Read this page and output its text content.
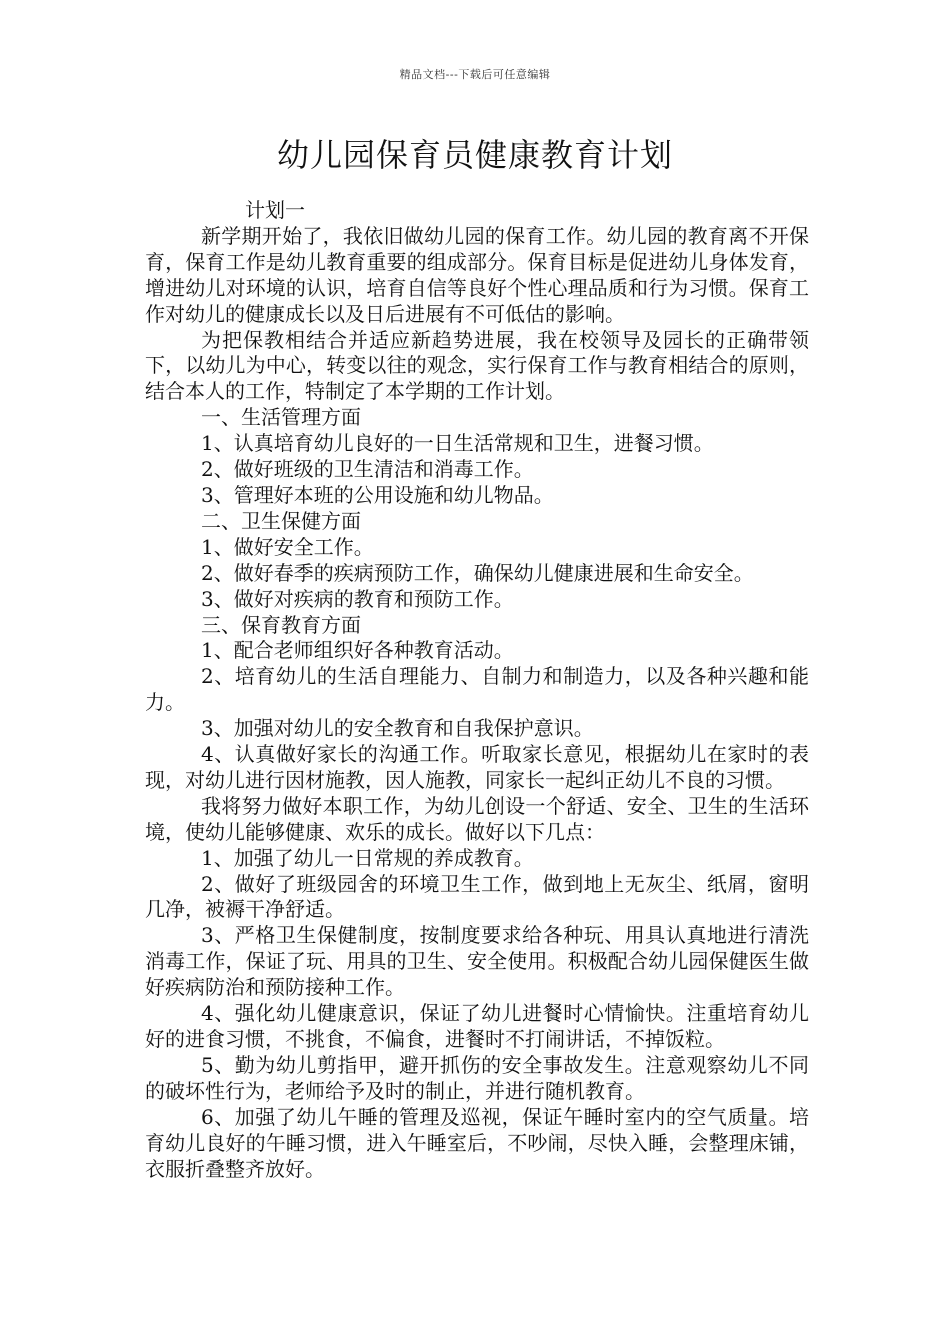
精品文档---下载后可任意编辑
幼儿园保育员健康教育计划

计划一

新学期开始了，我依旧做幼儿园的保育工作。幼儿园的教育离不开保育，保育工作是幼儿教育重要的组成部分。保育目标是促进幼儿身体发育，增进幼儿对环境的认识，培育自信等良好个性心理品质和行为习惯。保育工作对幼儿的健康成长以及日后进展有不可低估的影响。

为把保教相结合并适应新趋势进展，我在校领导及园长的正确带领下，以幼儿为中心，转变以往的观念，实行保育工作与教育相结合的原则，结合本人的工作，特制定了本学期的工作计划。

一、生活管理方面

1、认真培育幼儿良好的一日生活常规和卫生，进餐习惯。

2、做好班级的卫生清洁和消毒工作。

3、管理好本班的公用设施和幼儿物品。

二、卫生保健方面

1、做好安全工作。

2、做好春季的疾病预防工作，确保幼儿健康进展和生命安全。

3、做好对疾病的教育和预防工作。

三、保育教育方面

1、配合老师组织好各种教育活动。

2、培育幼儿的生活自理能力、自制力和制造力，以及各种兴趣和能力。

3、加强对幼儿的安全教育和自我保护意识。

4、认真做好家长的沟通工作。听取家长意见，根据幼儿在家时的表现，对幼儿进行因材施教，因人施教，同家长一起纠正幼儿不良的习惯。

我将努力做好本职工作，为幼儿创设一个舒适、安全、卫生的生活环境，使幼儿能够健康、欢乐的成长。做好以下几点：

1、加强了幼儿一日常规的养成教育。

2、做好了班级园舍的环境卫生工作，做到地上无灰尘、纸屑，窗明几净，被褥干净舒适。

3、严格卫生保健制度，按制度要求给各种玩、用具认真地进行清洗消毒工作，保证了玩、用具的卫生、安全使用。积极配合幼儿园保健医生做好疾病防治和预防接种工作。

4、强化幼儿健康意识，保证了幼儿进餐时心情愉快。注重培育幼儿好的进食习惯，不挑食，不偏食，进餐时不打闹讲话，不掉饭粒。

5、勤为幼儿剪指甲，避开抓伤的安全事故发生。注意观察幼儿不同的破坏性行为，老师给予及时的制止，并进行随机教育。

6、加强了幼儿午睡的管理及巡视，保证午睡时室内的空气质量。培育幼儿良好的午睡习惯，进入午睡室后，不吵闹，尽快入睡，会整理床铺，衣服折叠整齐放好。
